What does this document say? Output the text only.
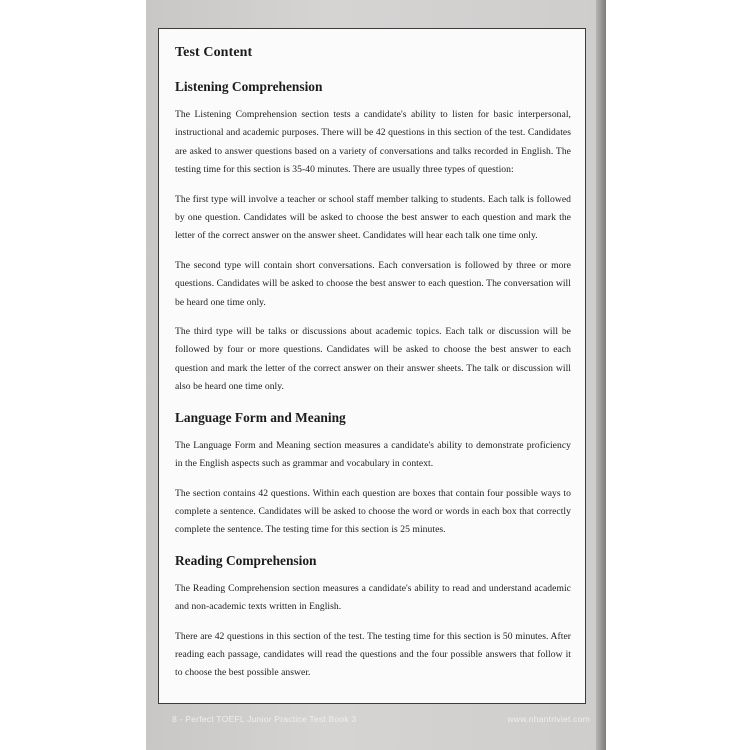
Test Content
Listening Comprehension

The Listening Comprehension section tests a candidate's ability to listen for basic interpersonal, instructional and academic purposes. There will be 42 questions in this section of the test. Candidates are asked to answer questions based on a variety of conversations and talks recorded in English. The testing time for this section is 35-40 minutes. There are usually three types of question:

The first type will involve a teacher or school staff member talking to students. Each talk is followed by one question. Candidates will be asked to choose the best answer to each question and mark the letter of the correct answer on the answer sheet. Candidates will hear each talk one time only.

The second type will contain short conversations. Each conversation is followed by three or more questions. Candidates will be asked to choose the best answer to each question. The conversation will be heard one time only.

The third type will be talks or discussions about academic topics. Each talk or discussion will be followed by four or more questions. Candidates will be asked to choose the best answer to each question and mark the letter of the correct answer on their answer sheets. The talk or discussion will also be heard one time only.

Language Form and Meaning

The Language Form and Meaning section measures a candidate's ability to demonstrate proficiency in the English aspects such as grammar and vocabulary in context.

The section contains 42 questions. Within each question are boxes that contain four possible ways to complete a sentence. Candidates will be asked to choose the word or words in each box that correctly complete the sentence. The testing time for this section is 25 minutes.

Reading Comprehension

The Reading Comprehension section measures a candidate's ability to read and understand academic and non-academic texts written in English.

There are 42 questions in this section of the test. The testing time for this section is 50 minutes. After reading each passage, candidates will read the questions and the four possible answers that follow it to choose the best possible answer.

8 - Perfect TOEFL Junior Practice Test Book 3	www.nhantriviet.com
